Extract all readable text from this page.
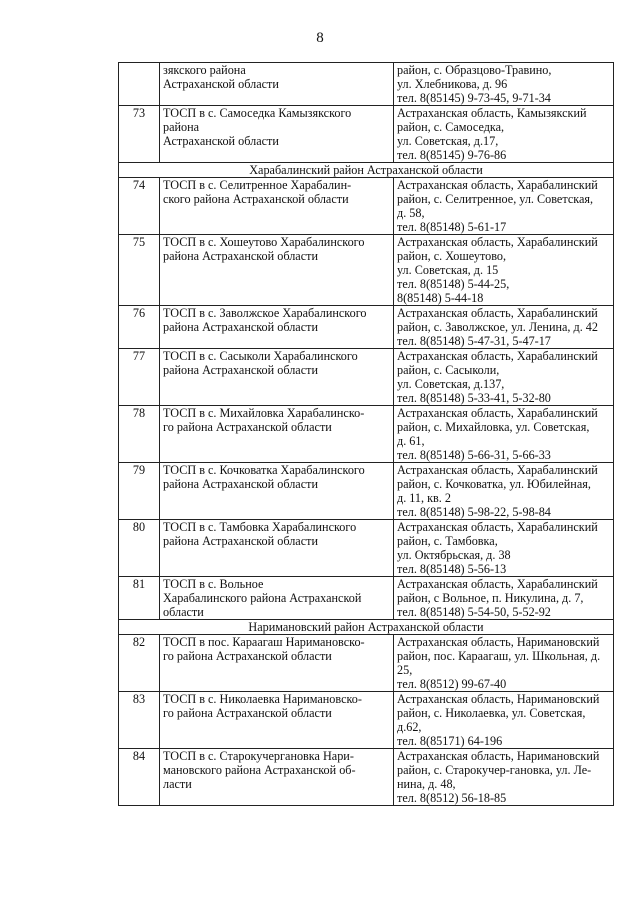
8

	зякского района
Астраханской области	район, с. Образцово-Травино,
ул. Хлебникова, д. 96
тел. 8(85145) 9-73-45, 9-71-34

73	ТОСП в с. Самоседка Камызякского
района
Астраханской области	Астраханская область, Камызякский
район, с. Самоседка,
ул. Советская, д.17,
тел. 8(85145) 9-76-86

Харабалинский район Астраханской области		
74	ТОСП в с. Селитренное Харабалин-
ского района Астраханской области	Астраханская область, Харабалинский
район, с. Селитренное, ул. Советская,
д. 58,
тел. 8(85148) 5-61-17

75	ТОСП в с. Хошеутово Харабалинского
района Астраханской области	Астраханская область, Харабалинский
район, с. Хошеутово,
ул. Советская, д. 15
тел. 8(85148) 5-44-25,
8(85148) 5-44-18

76	ТОСП в с. Заволжское Харабалинского
района Астраханской области	Астраханская область, Харабалинский
район, с. Заволжское, ул. Ленина, д. 42
тел. 8(85148) 5-47-31, 5-47-17

77	ТОСП в с. Сасыколи Харабалинского
района Астраханской области	Астраханская область, Харабалинский
район, с. Сасыколи,
ул. Советская, д.137,
тел. 8(85148) 5-33-41, 5-32-80

78	ТОСП в с. Михайловка Харабалинско-
го района Астраханской области	Астраханская область, Харабалинский
район, с. Михайловка, ул. Советская,
д. 61,
тел. 8(85148) 5-66-31, 5-66-33

79	ТОСП в с. Кочковатка Харабалинского
района Астраханской области	Астраханская область, Харабалинский
район, с. Кочковатка, ул. Юбилейная,
д. 11, кв. 2
тел. 8(85148) 5-98-22, 5-98-84

80	ТОСП в с. Тамбовка Харабалинского
района Астраханской области	Астраханская область, Харабалинский
район, с. Тамбовка,
ул. Октябрьская, д. 38
тел. 8(85148) 5-56-13

81	ТОСП в с. Вольное
Харабалинского района Астраханской
области	Астраханская область, Харабалинский
район, с Вольное, п. Никулина, д. 7,
тел. 8(85148) 5-54-50, 5-52-92

Наримановский район Астраханской области		
82	ТОСП в пос. Караагаш Наримановско-
го района Астраханской области	Астраханская область, Наримановский
район, пос. Караагаш, ул. Школьная, д.
25,
тел. 8(8512) 99-67-40

83	ТОСП в с. Николаевка Наримановско-
го района Астраханской области	Астраханская область, Наримановский
район, с. Николаевка, ул. Советская,
д.62,
тел. 8(85171) 64-196

84	ТОСП в с. Старокучергановка Нари-
мановского района Астраханской об-
ласти	Астраханская область, Наримановский
район, с. Старокучер-гановка, ул. Ле-
нина, д. 48,
тел. 8(8512) 56-18-85
